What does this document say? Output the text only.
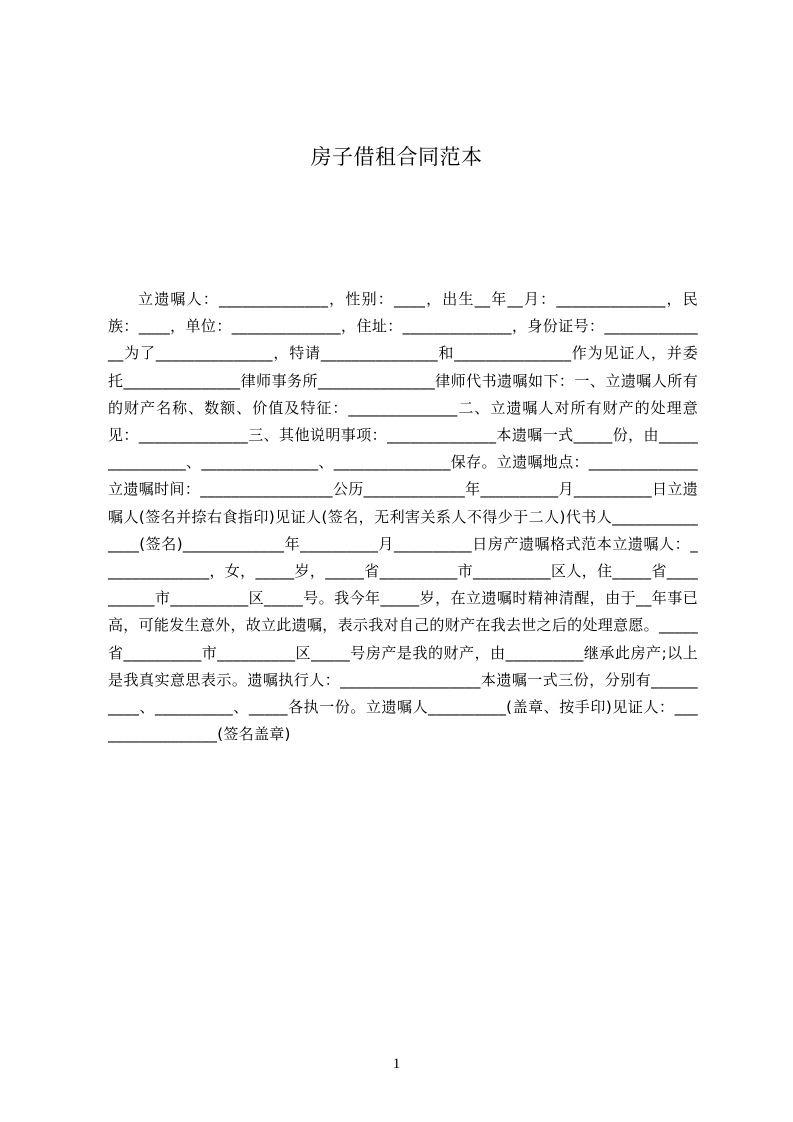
房子借租合同范本
立遗嘱人：______________，性别：____，出生__年__月：______________，民族：____，单位：______________，住址：______________，身份证号：______________为了_______________，特请_______________和_______________作为见证人，并委托_______________律师事务所_______________律师代书遗嘱如下：一、立遗嘱人所有的财产名称、数额、价值及特征：______________二、立遗嘱人对所有财产的处理意见：______________三、其他说明事项：______________本遗嘱一式_____份，由_______________、_______________、_______________保存。立遗嘱地点：______________立遗嘱时间：_________________公历_____________年__________月__________日立遗嘱人(签名并捺右食指印)见证人(签名，无利害关系人不得少于二人)代书人_______________(签名)_____________年__________月__________日房产遗嘱格式范本立遗嘱人：______________，女，_____岁，_____省__________市__________区人，住_____省__________市__________区_____号。我今年_____岁，在立遗嘱时精神清醒，由于__年事已高，可能发生意外，故立此遗嘱，表示我对自己的财产在我去世之后的处理意愿。_____省__________市__________区_____号房产是我的财产，由__________继承此房产;以上是我真实意思表示。遗嘱执行人：__________________本遗嘱一式三份，分别有__________、__________、_____各执一份。立遗嘱人__________(盖章、按手印)见证人：_________________(签名盖章)
1
